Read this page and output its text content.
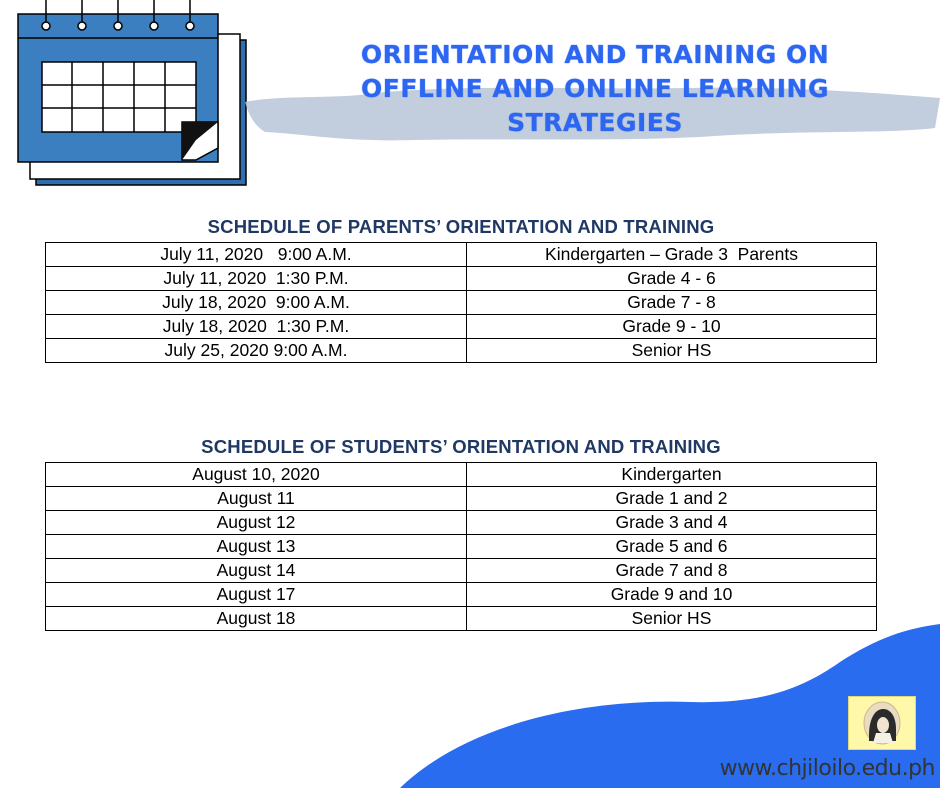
ORIENTATION AND TRAINING ON
OFFLINE AND ONLINE LEARNING
STRATEGIES
SCHEDULE OF PARENTS’ ORIENTATION AND TRAINING
July 11, 2020   9:00 A.M.	Kindergarten – Grade 3  Parents
July 11, 2020  1:30 P.M.	Grade 4 - 6
July 18, 2020  9:00 A.M.	Grade 7 - 8
July 18, 2020  1:30 P.M.	Grade 9 - 10
July 25, 2020 9:00 A.M.	Senior HS
SCHEDULE OF STUDENTS’ ORIENTATION AND TRAINING
August 10, 2020	Kindergarten
August 11	Grade 1 and 2
August 12	Grade 3 and 4
August 13	Grade 5 and 6
August 14	Grade 7 and 8
August 17	Grade 9 and 10
August 18	Senior HS
www.chjiloilo.edu.ph
